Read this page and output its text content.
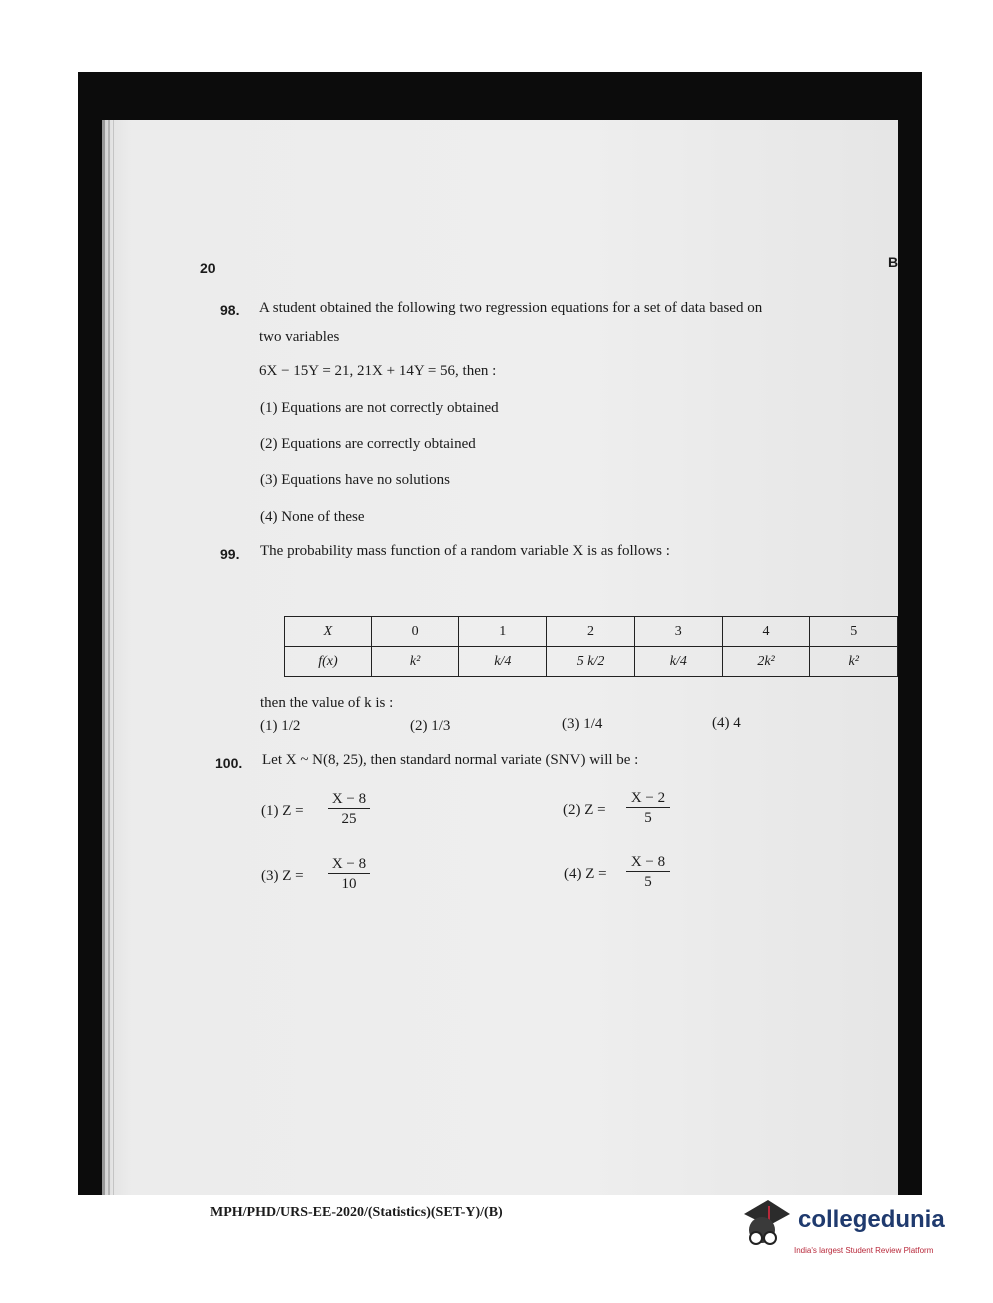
20	B
98. A student obtained the following two regression equations for a set of data based on
two variables
6X − 15Y = 21, 21X + 14Y = 56, then :
(1) Equations are not correctly obtained
(2) Equations are correctly obtained
(3) Equations have no solutions
(4) None of these
99. The probability mass function of a random variable X is as follows :
X	0	1	2	3	4	5
f(x)	k²	k/4	5 k/2	k/4	2k²	k²
then the value of k is :
(1) 1/2	(2) 1/3	(3) 1/4	(4) 4
100. Let X ~ N(8, 25), then standard normal variate (SNV) will be :
(1) $Z = \frac{X - 8}{25}$	(2) $Z = \frac{X - 2}{5}$
(3) $Z = \frac{X - 8}{10}$	(4) $Z = \frac{X - 8}{5}$
MPH/PHD/URS-EE-2020/(Statistics)(SET-Y)/(B)	collegedunia
India's largest Student Review Platform
